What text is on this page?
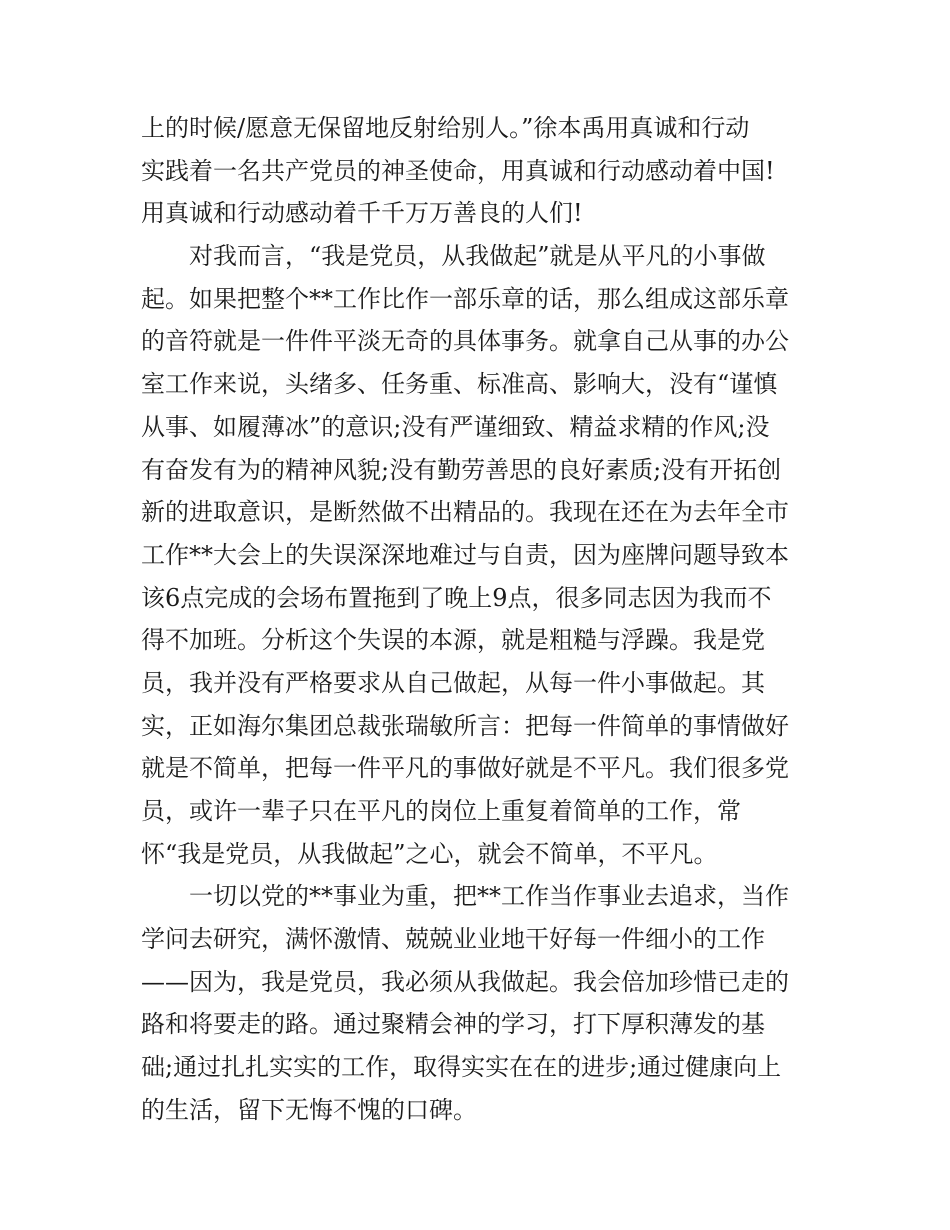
上的时候/愿意无保留地反射给别人。”徐本禹用真诚和行动
实践着一名共产党员的神圣使命，用真诚和行动感动着中国!
用真诚和行动感动着千千万万善良的人们!
　　对我而言，“我是党员，从我做起”就是从平凡的小事做
起。如果把整个**工作比作一部乐章的话，那么组成这部乐章
的音符就是一件件平淡无奇的具体事务。就拿自己从事的办公
室工作来说，头绪多、任务重、标准高、影响大，没有“谨慎
从事、如履薄冰”的意识;没有严谨细致、精益求精的作风;没
有奋发有为的精神风貌;没有勤劳善思的良好素质;没有开拓创
新的进取意识，是断然做不出精品的。我现在还在为去年全市
工作**大会上的失误深深地难过与自责，因为座牌问题导致本
该6点完成的会场布置拖到了晚上9点，很多同志因为我而不
得不加班。分析这个失误的本源，就是粗糙与浮躁。我是党
员，我并没有严格要求从自己做起，从每一件小事做起。其
实，正如海尔集团总裁张瑞敏所言：把每一件简单的事情做好
就是不简单，把每一件平凡的事做好就是不平凡。我们很多党
员，或许一辈子只在平凡的岗位上重复着简单的工作，常
怀“我是党员，从我做起”之心，就会不简单，不平凡。
　　一切以党的**事业为重，把**工作当作事业去追求，当作
学问去研究，满怀激情、兢兢业业地干好每一件细小的工作
——因为，我是党员，我必须从我做起。我会倍加珍惜已走的
路和将要走的路。通过聚精会神的学习，打下厚积薄发的基
础;通过扎扎实实的工作，取得实实在在的进步;通过健康向上
的生活，留下无悔不愧的口碑。
